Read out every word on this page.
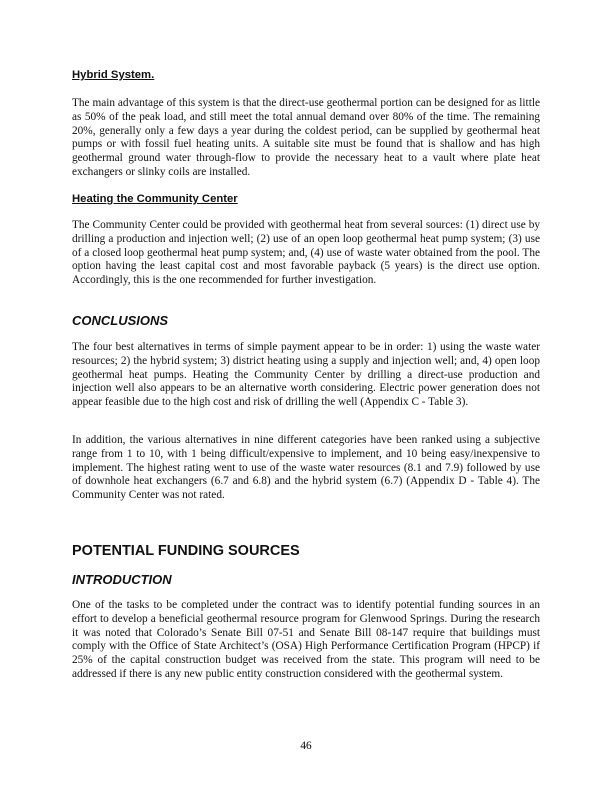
Hybrid System.

The main advantage of this system is that the direct-use geothermal portion can be designed for as little as 50% of the peak load, and still meet the total annual demand over 80% of the time. The remaining 20%, generally only a few days a year during the coldest period, can be supplied by geothermal heat pumps or with fossil fuel heating units. A suitable site must be found that is shallow and has high geothermal ground water through-flow to provide the necessary heat to a vault where plate heat exchangers or slinky coils are installed.

Heating the Community Center

The Community Center could be provided with geothermal heat from several sources: (1) direct use by drilling a production and injection well; (2) use of an open loop geothermal heat pump system; (3) use of a closed loop geothermal heat pump system; and, (4) use of waste water obtained from the pool. The option having the least capital cost and most favorable payback (5 years) is the direct use option. Accordingly, this is the one recommended for further investigation.

CONCLUSIONS

The four best alternatives in terms of simple payment appear to be in order: 1) using the waste water resources; 2) the hybrid system; 3) district heating using a supply and injection well; and, 4) open loop geothermal heat pumps. Heating the Community Center by drilling a direct-use production and injection well also appears to be an alternative worth considering. Electric power generation does not appear feasible due to the high cost and risk of drilling the well (Appendix C - Table 3).

In addition, the various alternatives in nine different categories have been ranked using a subjective range from 1 to 10, with 1 being difficult/expensive to implement, and 10 being easy/inexpensive to implement. The highest rating went to use of the waste water resources (8.1 and 7.9) followed by use of downhole heat exchangers (6.7 and 6.8) and the hybrid system (6.7) (Appendix D - Table 4). The Community Center was not rated.

POTENTIAL FUNDING SOURCES
INTRODUCTION

One of the tasks to be completed under the contract was to identify potential funding sources in an effort to develop a beneficial geothermal resource program for Glenwood Springs. During the research it was noted that Colorado’s Senate Bill 07-51 and Senate Bill 08-147 require that buildings must comply with the Office of State Architect’s (OSA) High Performance Certification Program (HPCP) if 25% of the capital construction budget was received from the state. This program will need to be addressed if there is any new public entity construction considered with the geothermal system.

46
